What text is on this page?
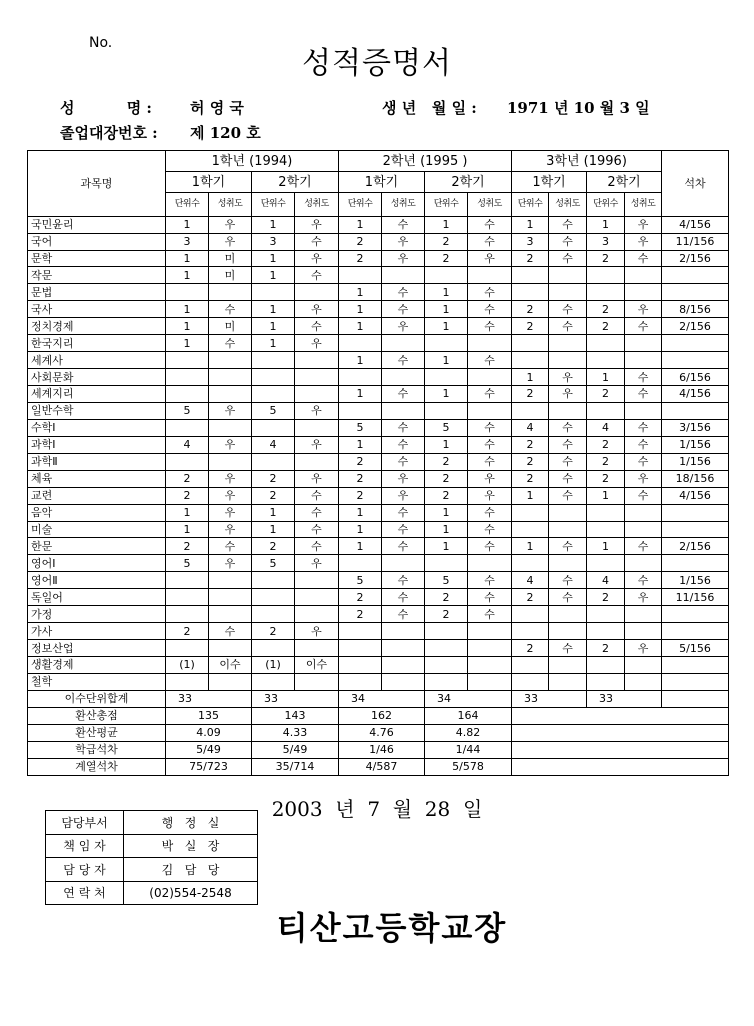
No.
성적증명서
성          명 :	허 영 국	생 년   월 일 : 1971 년 10 월 3 일
졸업대장번호 : 제 120 호
과목명	1학년 (1994)				2학년 (1995 )				3학년 (1996)				석차
	1학기		2학기		1학기		2학기		1학기		2학기		
	단위수	성취도	단위수	성취도	단위수	성취도	단위수	성취도	단위수	성취도	단위수	성취도	
국민윤리	1	우	1	우	1	수	1	수	1	수	1	우	4/156
국어	3	우	3	수	2	우	2	수	3	수	3	우	11/156
문학	1	미	1	우	2	우	2	우	2	수	2	수	2/156
작문	1	미	1	수									
문법					1	수	1	수					
국사	1	수	1	우	1	수	1	수	2	수	2	우	8/156
정치경제	1	미	1	수	1	우	1	수	2	수	2	수	2/156
한국지리	1	수	1	우									
세계사					1	수	1	수					
사회문화									1	우	1	수	6/156
세계지리					1	수	1	수	2	우	2	수	4/156
일반수학	5	우	5	우									
수학Ⅰ					5	수	5	수	4	수	4	수	3/156
과학Ⅰ	4	우	4	우	1	수	1	수	2	수	2	수	1/156
과학Ⅱ					2	수	2	수	2	수	2	수	1/156
체육	2	우	2	우	2	우	2	우	2	수	2	우	18/156
교련	2	우	2	수	2	우	2	우	1	수	1	수	4/156
음악	1	우	1	수	1	수	1	수					
미술	1	우	1	수	1	수	1	수					
한문	2	수	2	수	1	수	1	수	1	수	1	수	2/156
영어Ⅰ	5	우	5	우									
영어Ⅱ					5	수	5	수	4	수	4	수	1/156
독일어					2	수	2	수	2	수	2	우	11/156
가정					2	수	2	수					
가사	2	수	2	우									
정보산업									2	수	2	우	5/156
생활경제	(1)	이수	(1)	이수									
철학													
이수단위합계	33		33		34		34		33		33		
환산총점	135		143		162		164						
환산평균	4.09		4.33		4.76		4.82						
학급석차	5/49		5/49		1/46		1/44						
계열석차	75/723		35/714		4/587		5/578						
2003  년  7  월  28  일
담당부서	행   정   실
책 임 자	박   실   장
담 당 자	김   담   당
연 락 처	(02)554-2548
티산고등학교장
